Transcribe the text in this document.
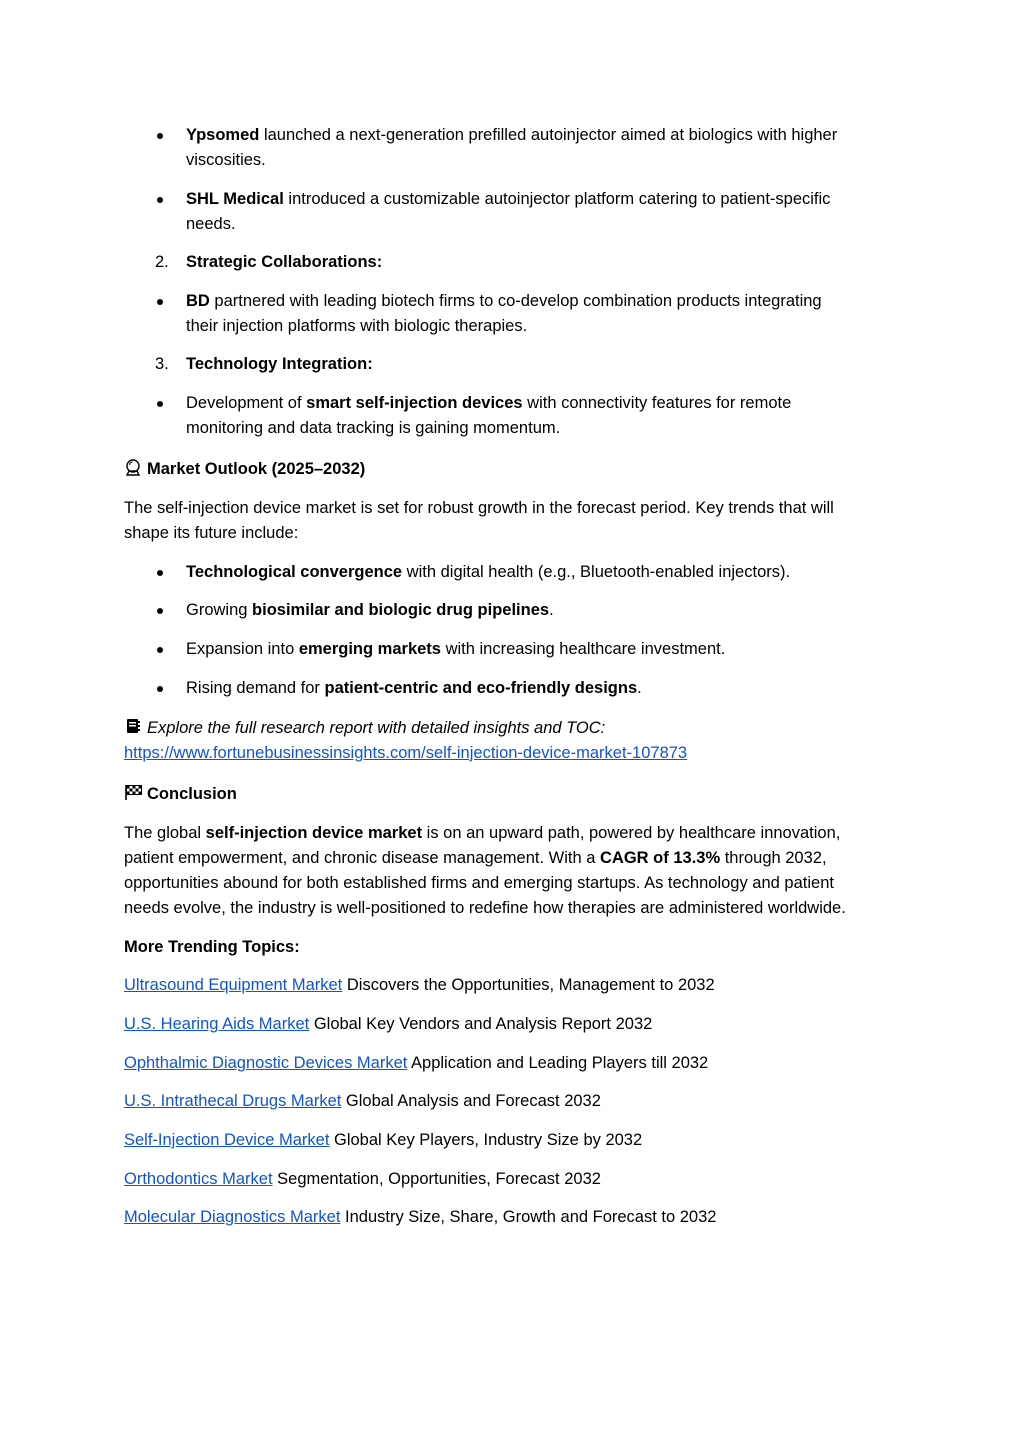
Ypsomed launched a next-generation prefilled autoinjector aimed at biologics with higher
viscosities.
SHL Medical introduced a customizable autoinjector platform catering to patient-specific
needs.
2. Strategic Collaborations:
BD partnered with leading biotech firms to co-develop combination products integrating
their injection platforms with biologic therapies.
3. Technology Integration:
Development of smart self-injection devices with connectivity features for remote
monitoring and data tracking is gaining momentum.
Market Outlook (2025–2032)
The self-injection device market is set for robust growth in the forecast period. Key trends that will
shape its future include:
Technological convergence with digital health (e.g., Bluetooth-enabled injectors).
Growing biosimilar and biologic drug pipelines.
Expansion into emerging markets with increasing healthcare investment.
Rising demand for patient-centric and eco-friendly designs.
Explore the full research report with detailed insights and TOC:
https://www.fortunebusinessinsights.com/self-injection-device-market-107873
Conclusion
The global self-injection device market is on an upward path, powered by healthcare innovation,
patient empowerment, and chronic disease management. With a CAGR of 13.3% through 2032,
opportunities abound for both established firms and emerging startups. As technology and patient
needs evolve, the industry is well-positioned to redefine how therapies are administered worldwide.
More Trending Topics:
Ultrasound Equipment Market Discovers the Opportunities, Management to 2032
U.S. Hearing Aids Market Global Key Vendors and Analysis Report 2032
Ophthalmic Diagnostic Devices Market Application and Leading Players till 2032
U.S. Intrathecal Drugs Market Global Analysis and Forecast 2032
Self-Injection Device Market Global Key Players, Industry Size by 2032
Orthodontics Market Segmentation, Opportunities, Forecast 2032
Molecular Diagnostics Market Industry Size, Share, Growth and Forecast to 2032
